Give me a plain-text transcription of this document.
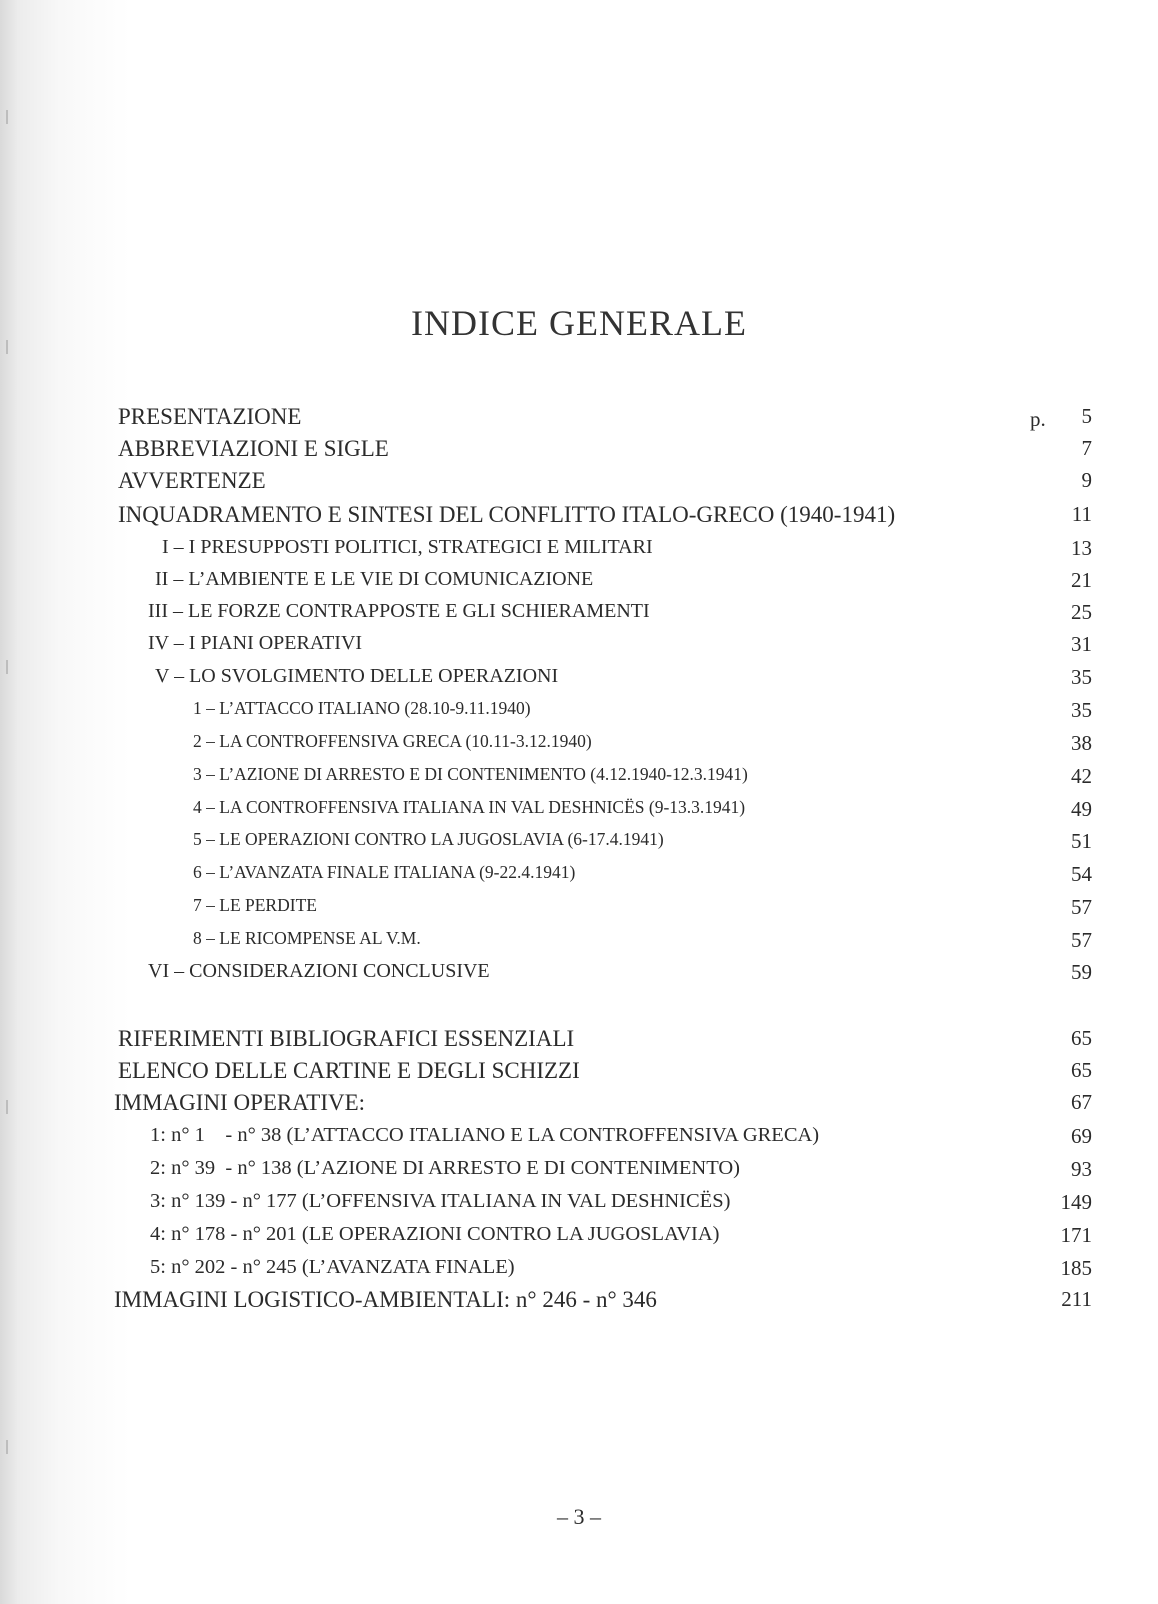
INDICE GENERALE
p.
PRESENTAZIONE	5
ABBREVIAZIONI E SIGLE	7
AVVERTENZE	9
INQUADRAMENTO E SINTESI DEL CONFLITTO ITALO-GRECO (1940-1941)	11
I – I PRESUPPOSTI POLITICI, STRATEGICI E MILITARI	13
II – L’AMBIENTE E LE VIE DI COMUNICAZIONE	21
III – LE FORZE CONTRAPPOSTE E GLI SCHIERAMENTI	25
IV – I PIANI OPERATIVI	31
V – LO SVOLGIMENTO DELLE OPERAZIONI	35
1 – L’ATTACCO ITALIANO (28.10-9.11.1940)	35
2 – LA CONTROFFENSIVA GRECA (10.11-3.12.1940)	38
3 – L’AZIONE DI ARRESTO E DI CONTENIMENTO (4.12.1940-12.3.1941)	42
4 – LA CONTROFFENSIVA ITALIANA IN VAL DESHNICËS (9-13.3.1941)	49
5 – LE OPERAZIONI CONTRO LA JUGOSLAVIA (6-17.4.1941)	51
6 – L’AVANZATA FINALE ITALIANA (9-22.4.1941)	54
7 – LE PERDITE	57
8 – LE RICOMPENSE AL V.M.	57
VI – CONSIDERAZIONI CONCLUSIVE	59
RIFERIMENTI BIBLIOGRAFICI ESSENZIALI	65
ELENCO DELLE CARTINE E DEGLI SCHIZZI	65
IMMAGINI OPERATIVE:	67
1: n° 1    - n° 38 (L’ATTACCO ITALIANO E LA CONTROFFENSIVA GRECA)	69
2: n° 39  - n° 138 (L’AZIONE DI ARRESTO E DI CONTENIMENTO)	93
3: n° 139 - n° 177 (L’OFFENSIVA ITALIANA IN VAL DESHNICËS)	149
4: n° 178 - n° 201 (LE OPERAZIONI CONTRO LA JUGOSLAVIA)	171
5: n° 202 - n° 245 (L’AVANZATA FINALE)	185
IMMAGINI LOGISTICO-AMBIENTALI: n° 246 - n° 346	211
– 3 –
